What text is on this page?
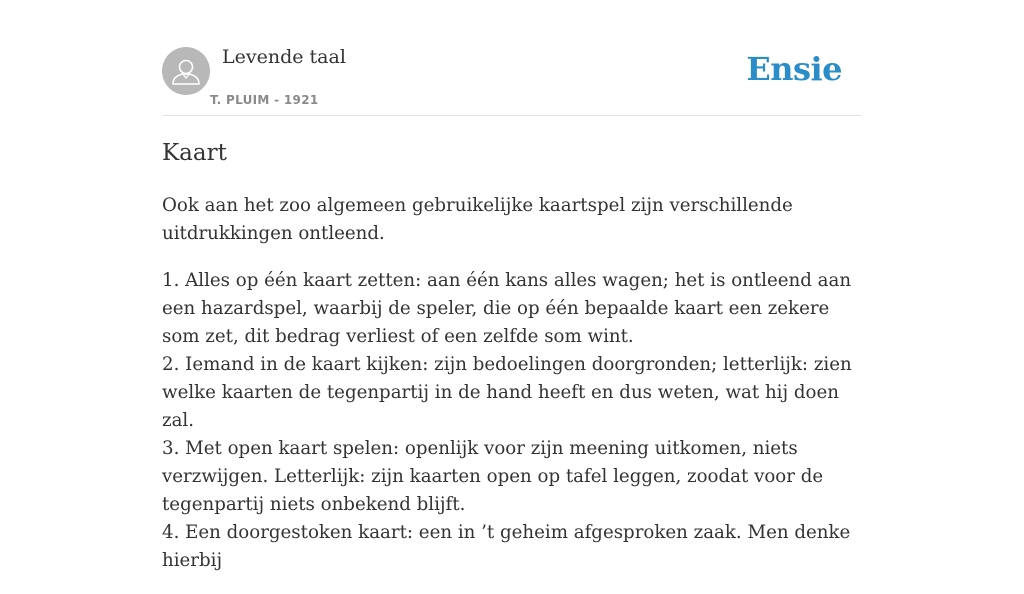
Levende taal
T. PLUIM - 1921
Ensie
Kaart

Ook aan het zoo algemeen gebruikelijke kaartspel zijn verschillende uitdrukkingen ontleend.

1. Alles op één kaart zetten: aan één kans alles wagen; het is ontleend aan een hazardspel, waarbij de speler, die op één bepaalde kaart een zekere som zet, dit bedrag verliest of een zelfde som wint.
2. Iemand in de kaart kijken: zijn bedoelingen doorgronden; letterlijk: zien welke kaarten de tegenpartij in de hand heeft en dus weten, wat hij doen zal.
3. Met open kaart spelen: openlijk voor zijn meening uitkomen, niets verzwijgen. Letterlijk: zijn kaarten open op tafel leggen, zoodat voor de tegenpartij niets onbekend blijft.
4. Een doorgestoken kaart: een in ’t geheim afgesproken zaak. Men denke hierbij
